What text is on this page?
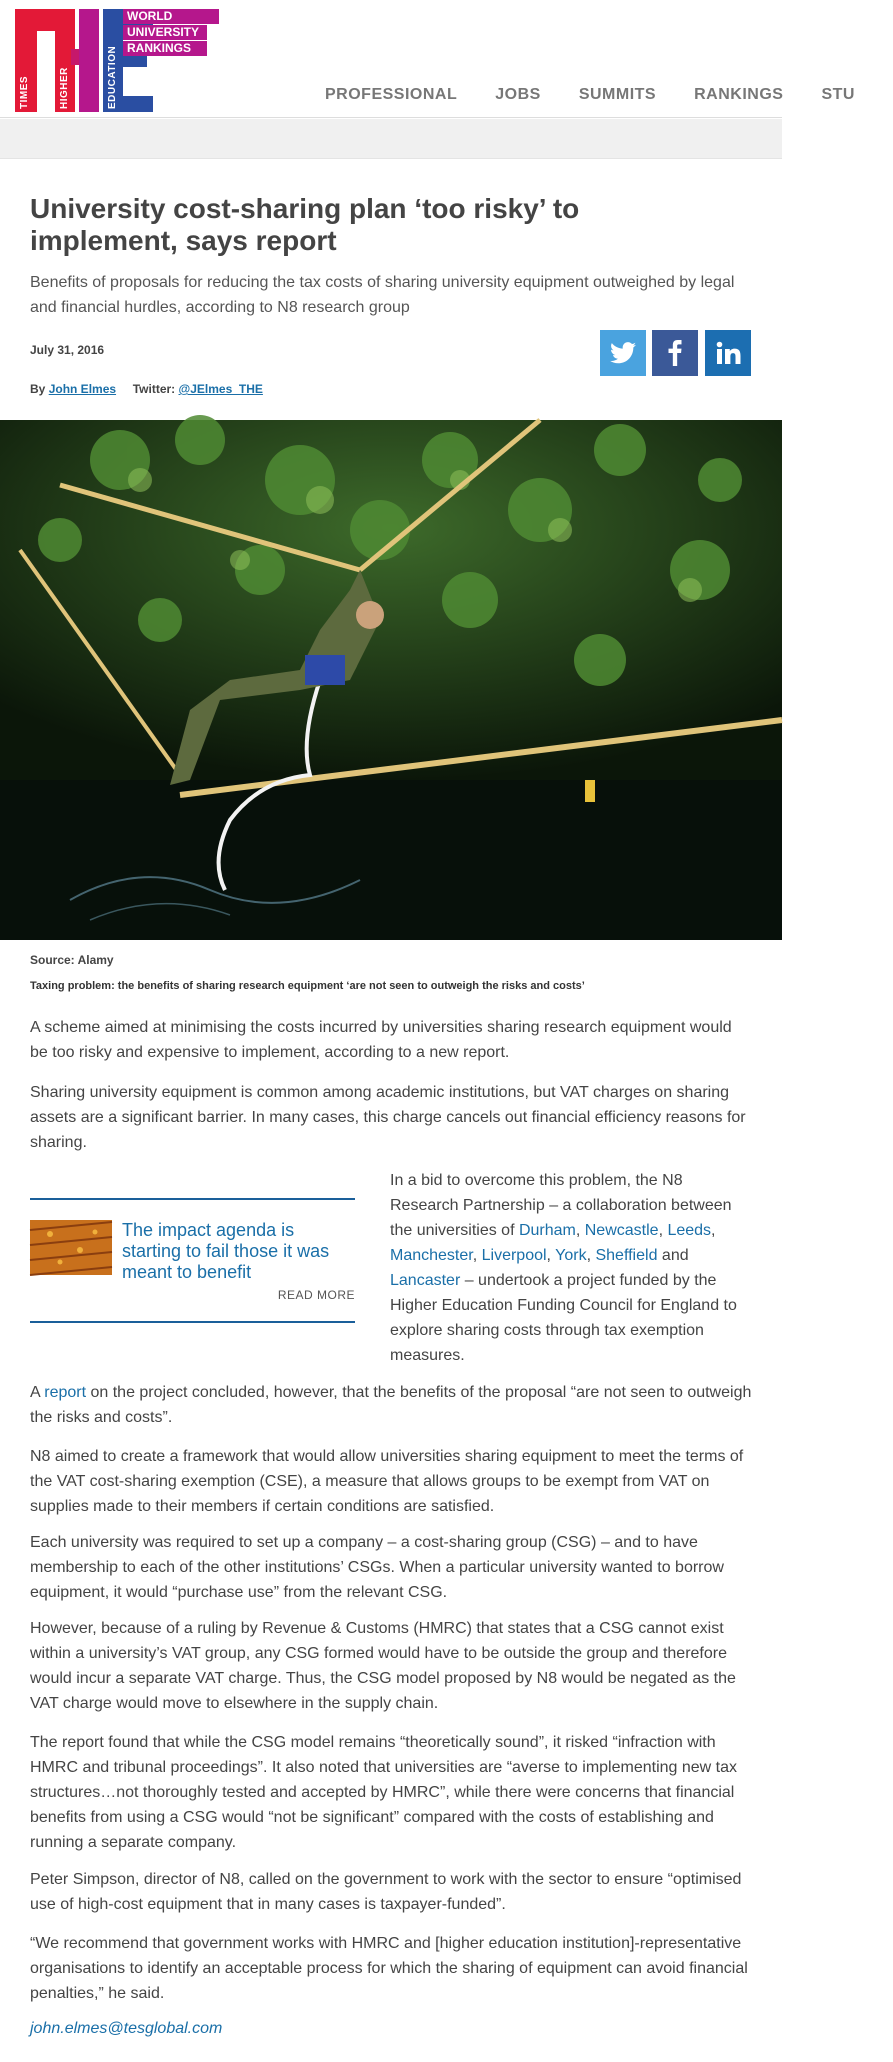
TIMES	HIGHER	EDUCATION
WORLD
UNIVERSITY
RANKINGS
PROFESSIONAL JOBS SUMMITS RANKINGS STU
University cost-sharing plan ‘too risky’ to implement, says report

Benefits of proposals for reducing the tax costs of sharing university equipment outweighed by legal and financial hurdles, according to N8 research group

July 31, 2016
By John Elmes Twitter: @JElmes_THE
Source: Alamy
Taxing problem: the benefits of sharing research equipment ‘are not seen to outweigh the risks and costs’

A scheme aimed at minimising the costs incurred by universities sharing research equipment would be too risky and expensive to implement, according to a new report.

Sharing university equipment is common among academic institutions, but VAT charges on sharing assets are a significant barrier. In many cases, this charge cancels out financial efficiency reasons for sharing.

In a bid to overcome this problem, the N8 Research Partnership – a collaboration between the universities of Durham, Newcastle, Leeds, Manchester, Liverpool, York, Sheffield and Lancaster – undertook a project funded by the Higher Education Funding Council for England to explore sharing costs through tax exemption measures.

The impact agenda is starting to fail those it was meant to benefit
READ MORE

A report on the project concluded, however, that the benefits of the proposal “are not seen to outweigh the risks and costs”.

N8 aimed to create a framework that would allow universities sharing equipment to meet the terms of the VAT cost-sharing exemption (CSE), a measure that allows groups to be exempt from VAT on supplies made to their members if certain conditions are satisfied.

Each university was required to set up a company – a cost-sharing group (CSG) – and to have membership to each of the other institutions’ CSGs. When a particular university wanted to borrow equipment, it would “purchase use” from the relevant CSG.

However, because of a ruling by Revenue & Customs (HMRC) that states that a CSG cannot exist within a university’s VAT group, any CSG formed would have to be outside the group and therefore would incur a separate VAT charge. Thus, the CSG model proposed by N8 would be negated as the VAT charge would move to elsewhere in the supply chain.

The report found that while the CSG model remains “theoretically sound”, it risked “infraction with HMRC and tribunal proceedings”. It also noted that universities are “averse to implementing new tax structures…not thoroughly tested and accepted by HMRC”, while there were concerns that financial benefits from using a CSG would “not be significant” compared with the costs of establishing and running a separate company.

Peter Simpson, director of N8, called on the government to work with the sector to ensure “optimised use of high-cost equipment that in many cases is taxpayer-funded”.

“We recommend that government works with HMRC and [higher education institution]-representative organisations to identify an acceptable process for which the sharing of equipment can avoid financial penalties,” he said.

john.elmes@tesglobal.com
